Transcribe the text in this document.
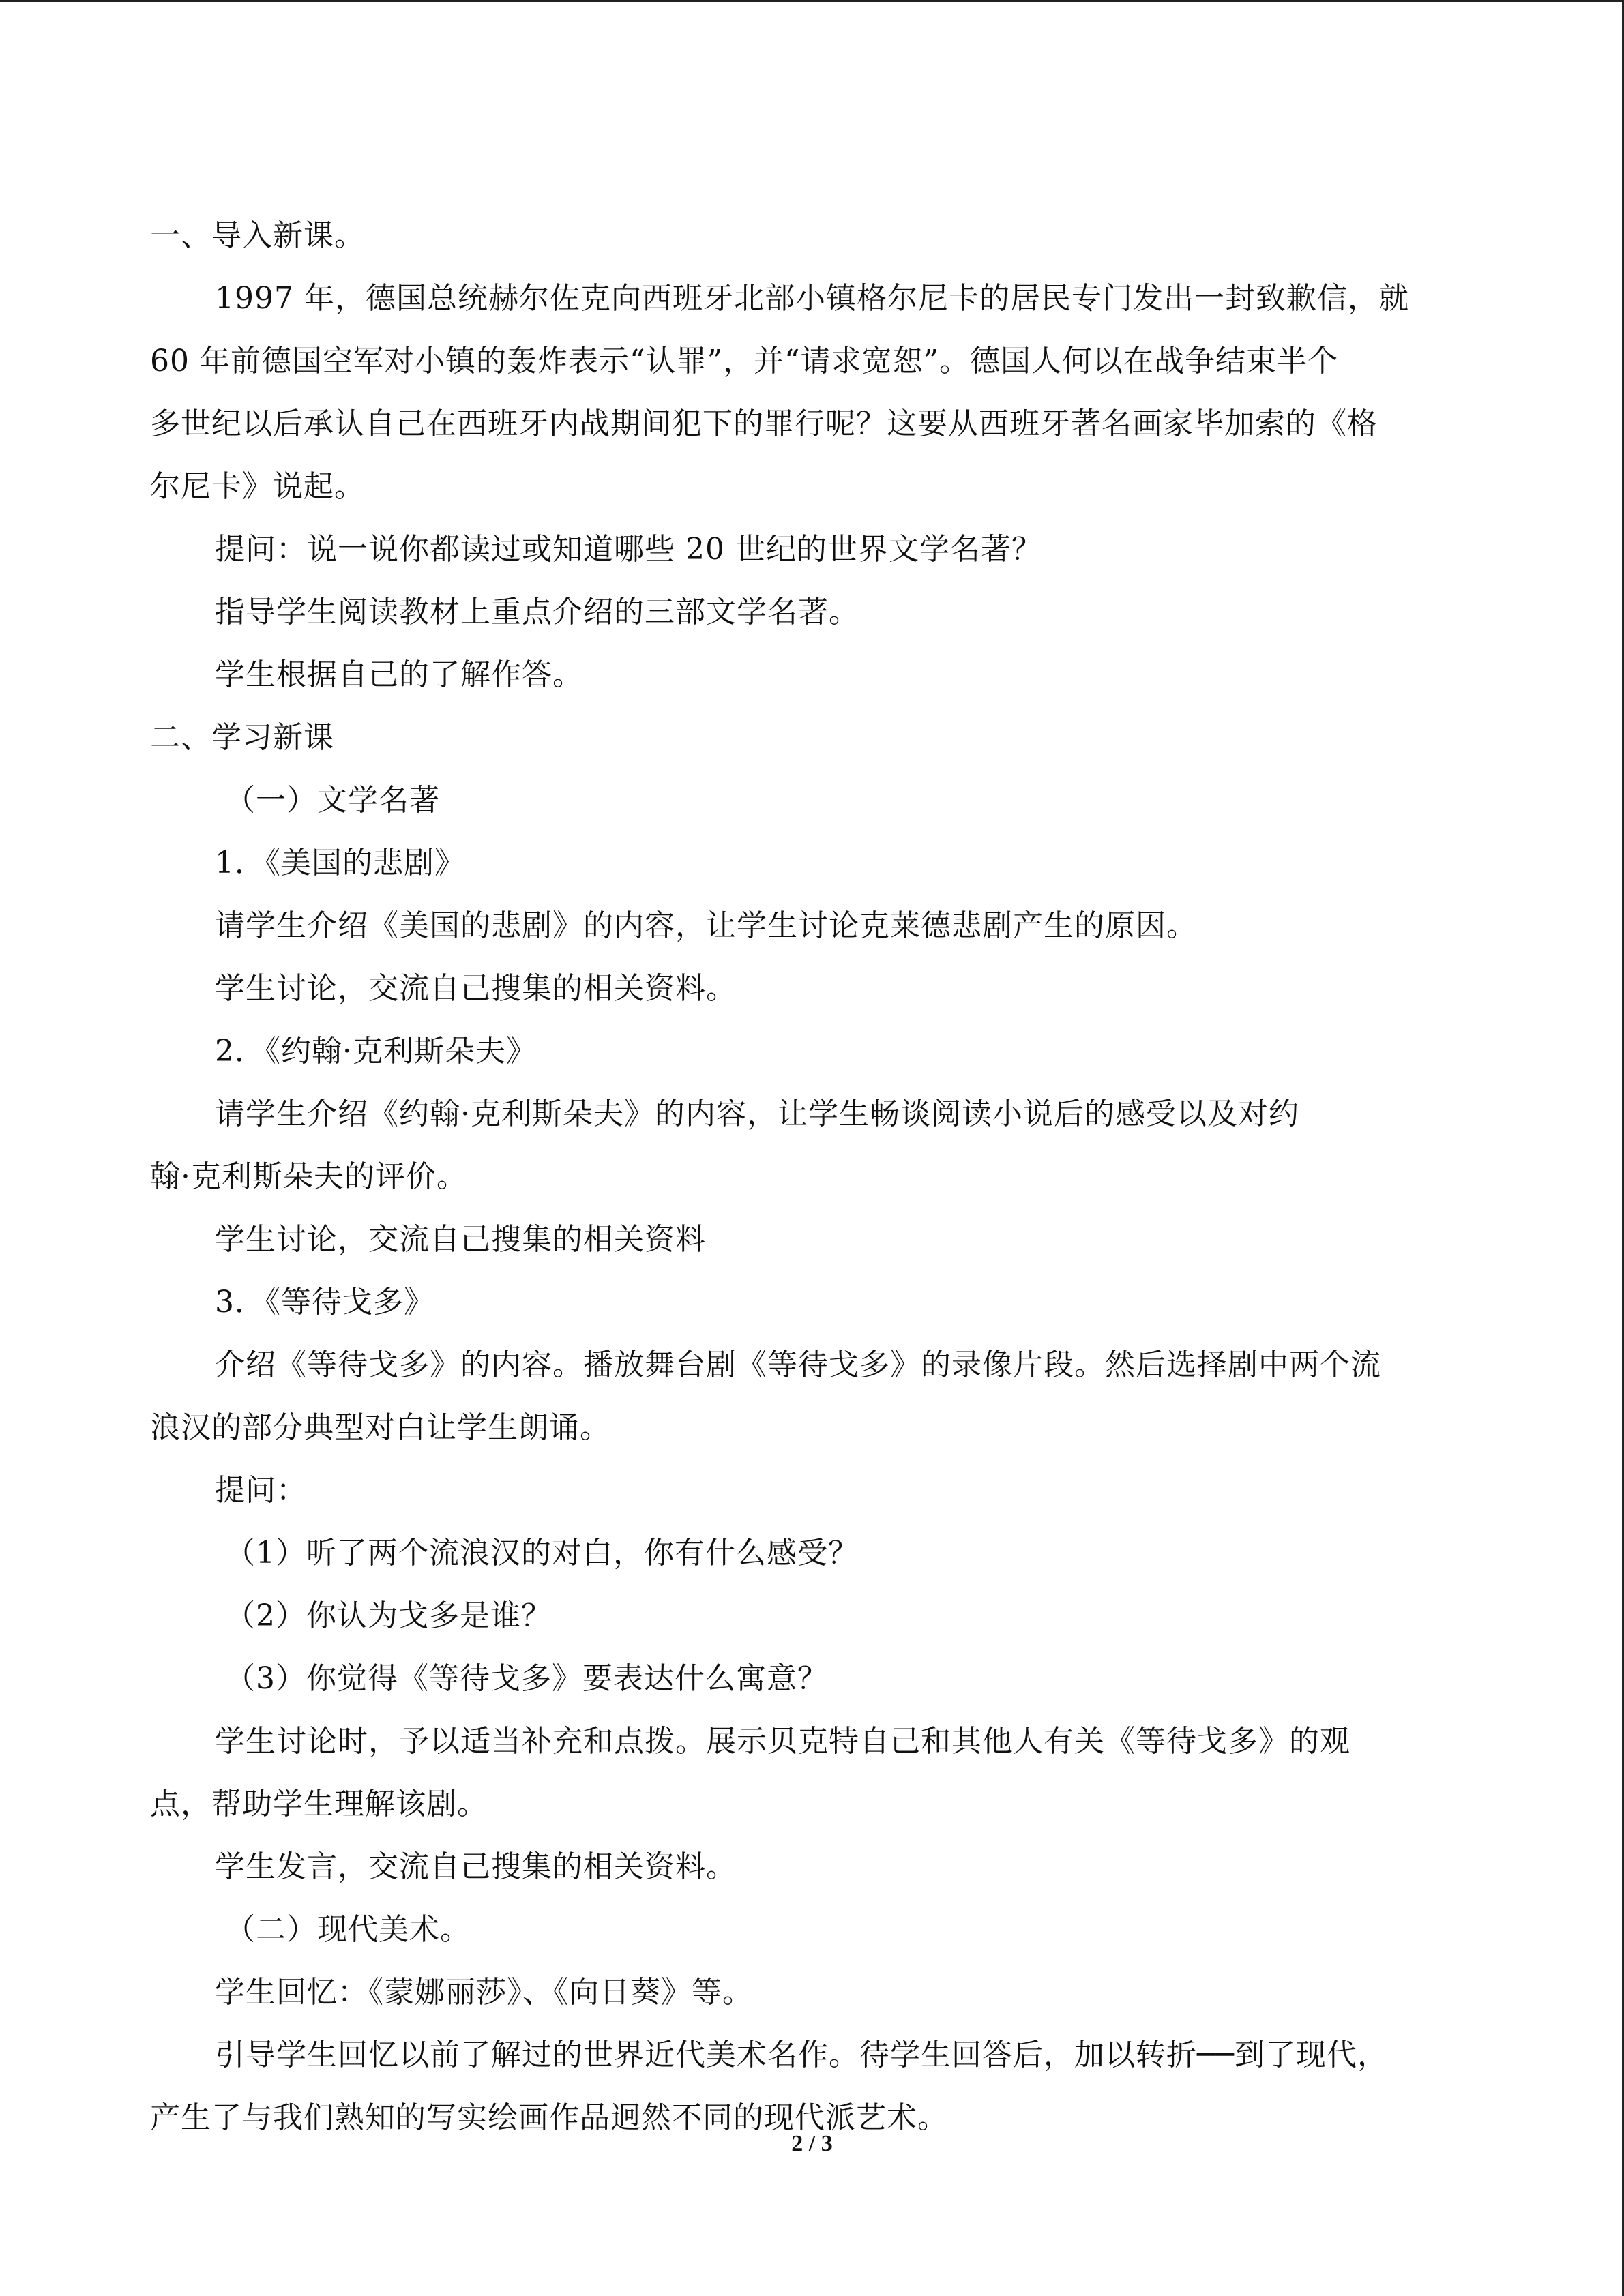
一、导入新课。
1997 年，德国总统赫尔佐克向西班牙北部小镇格尔尼卡的居民专门发出一封致歉信，就
60 年前德国空军对小镇的轰炸表示“认罪”，并“请求宽恕”。德国人何以在战争结束半个
多世纪以后承认自己在西班牙内战期间犯下的罪行呢？这要从西班牙著名画家毕加索的《格
尔尼卡》说起。
提问：说一说你都读过或知道哪些 20 世纪的世界文学名著？
指导学生阅读教材上重点介绍的三部文学名著。
学生根据自己的了解作答。
二、学习新课
（一）文学名著
1．《美国的悲剧》
请学生介绍《美国的悲剧》的内容，让学生讨论克莱德悲剧产生的原因。
学生讨论，交流自己搜集的相关资料。
2．《约翰·克利斯朵夫》
请学生介绍《约翰·克利斯朵夫》的内容，让学生畅谈阅读小说后的感受以及对约
翰·克利斯朵夫的评价。
学生讨论，交流自己搜集的相关资料
3．《等待戈多》
介绍《等待戈多》的内容。播放舞台剧《等待戈多》的录像片段。然后选择剧中两个流
浪汉的部分典型对白让学生朗诵。
提问：
（1）听了两个流浪汉的对白，你有什么感受？
（2）你认为戈多是谁？
（3）你觉得《等待戈多》要表达什么寓意？
学生讨论时，予以适当补充和点拨。展示贝克特自己和其他人有关《等待戈多》的观
点，帮助学生理解该剧。
学生发言，交流自己搜集的相关资料。
（二）现代美术。
学生回忆：《蒙娜丽莎》、《向日葵》等。
引导学生回忆以前了解过的世界近代美术名作。待学生回答后，加以转折──到了现代，
产生了与我们熟知的写实绘画作品迥然不同的现代派艺术。
2 / 3
